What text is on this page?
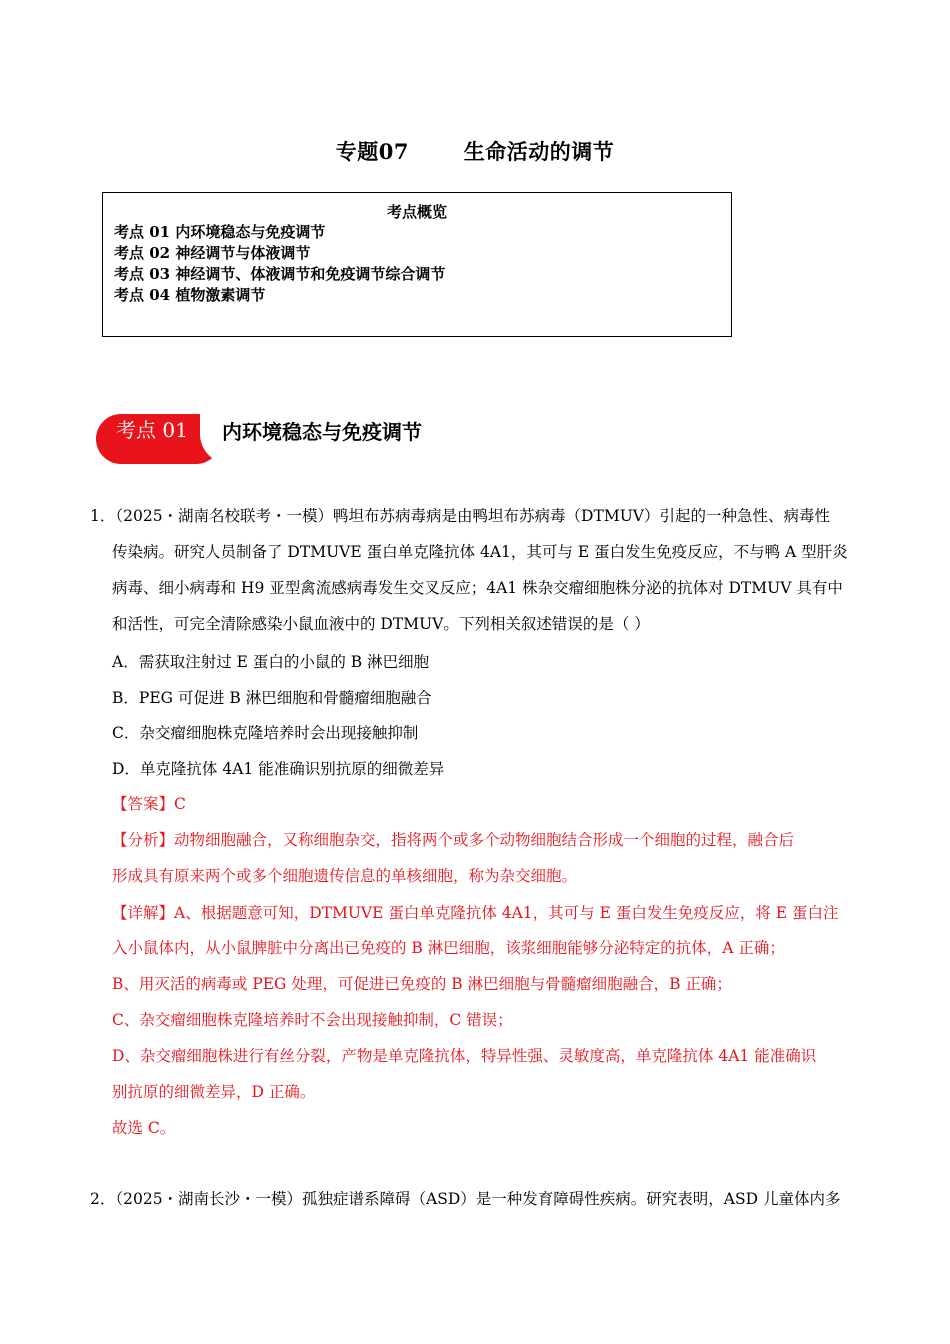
专题07       生命活动的调节
考点概览
考点 01 内环境稳态与免疫调节
考点 02 神经调节与体液调节
考点 03 神经调节、体液调节和免疫调节综合调节
考点 04 植物激素调节
考点 01 内环境稳态与免疫调节
1．（2025・湖南名校联考・一模）鸭坦布苏病毒病是由鸭坦布苏病毒（DTMUV）引起的一种急性、病毒性
传染病。研究人员制备了 DTMUVE 蛋白单克隆抗体 4A1，其可与 E 蛋白发生免疫反应，不与鸭 A 型肝炎
病毒、细小病毒和 H9 亚型禽流感病毒发生交叉反应；4A1 株杂交瘤细胞株分泌的抗体对 DTMUV 具有中
和活性，可完全清除感染小鼠血液中的 DTMUV。下列相关叙述错误的是（ ）
A．需获取注射过 E 蛋白的小鼠的 B 淋巴细胞
B．PEG 可促进 B 淋巴细胞和骨髓瘤细胞融合
C．杂交瘤细胞株克隆培养时会出现接触抑制
D．单克隆抗体 4A1 能准确识别抗原的细微差异
【答案】C
【分析】动物细胞融合，又称细胞杂交，指将两个或多个动物细胞结合形成一个细胞的过程，融合后
形成具有原来两个或多个细胞遗传信息的单核细胞，称为杂交细胞。
【详解】A、根据题意可知，DTMUVE 蛋白单克隆抗体 4A1，其可与 E 蛋白发生免疫反应，将 E 蛋白注
入小鼠体内，从小鼠脾脏中分离出已免疫的 B 淋巴细胞，该浆细胞能够分泌特定的抗体，A 正确；
B、用灭活的病毒或 PEG 处理，可促进已免疫的 B 淋巴细胞与骨髓瘤细胞融合，B 正确；
C、杂交瘤细胞株克隆培养时不会出现接触抑制，C 错误；
D、杂交瘤细胞株进行有丝分裂，产物是单克隆抗体，特异性强、灵敏度高，单克隆抗体 4A1 能准确识
别抗原的细微差异，D 正确。
故选 C。
2．（2025・湖南长沙・一模）孤独症谱系障碍（ASD）是一种发育障碍性疾病。研究表明，ASD 儿童体内多
